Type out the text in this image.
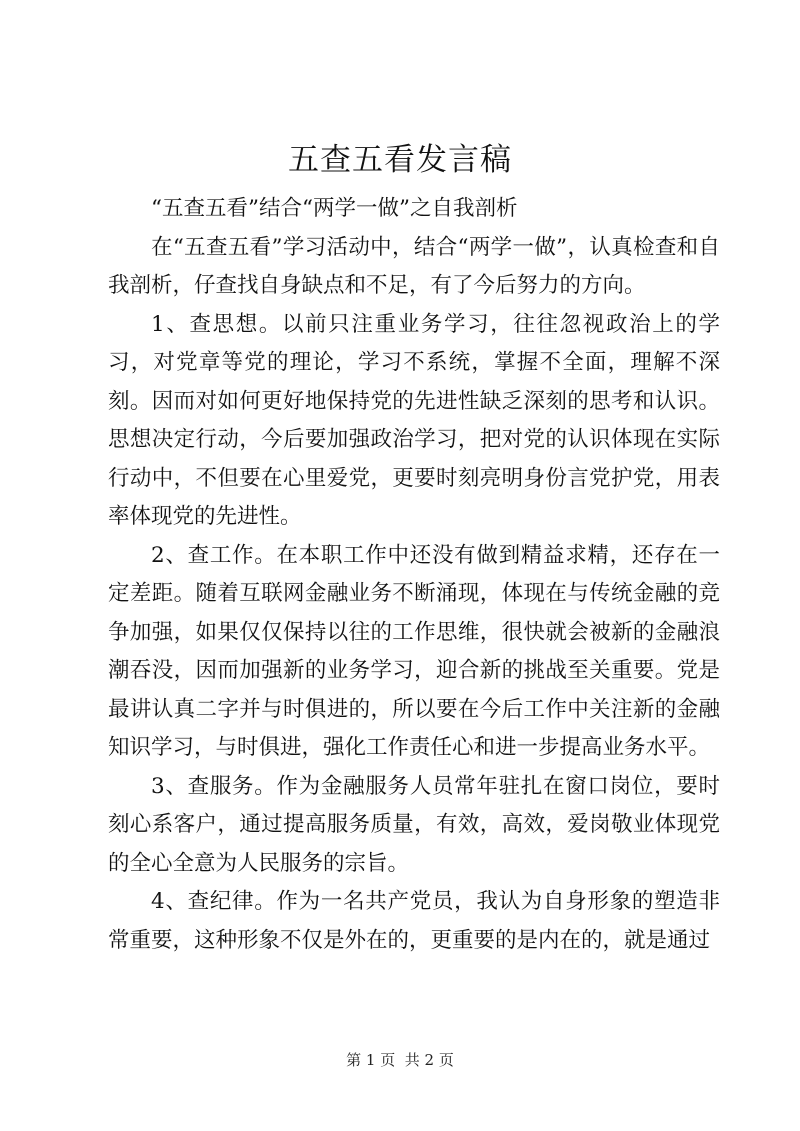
五查五看发言稿

“五查五看”结合“两学一做”之自我剖析

在“五查五看”学习活动中，结合“两学一做”，认真检查和自我剖析，仔查找自身缺点和不足，有了今后努力的方向。

1、查思想。以前只注重业务学习，往往忽视政治上的学习，对党章等党的理论，学习不系统，掌握不全面，理解不深刻。因而对如何更好地保持党的先进性缺乏深刻的思考和认识。思想决定行动，今后要加强政治学习，把对党的认识体现在实际行动中，不但要在心里爱党，更要时刻亮明身份言党护党，用表率体现党的先进性。

2、查工作。在本职工作中还没有做到精益求精，还存在一定差距。随着互联网金融业务不断涌现，体现在与传统金融的竞争加强，如果仅仅保持以往的工作思维，很快就会被新的金融浪潮吞没，因而加强新的业务学习，迎合新的挑战至关重要。党是最讲认真二字并与时俱进的，所以要在今后工作中关注新的金融知识学习，与时俱进，强化工作责任心和进一步提高业务水平。

3、查服务。作为金融服务人员常年驻扎在窗口岗位，要时刻心系客户，通过提高服务质量，有效，高效，爱岗敬业体现党的全心全意为人民服务的宗旨。

4、查纪律。作为一名共产党员，我认为自身形象的塑造非常重要，这种形象不仅是外在的，更重要的是内在的，就是通过

第 1 页 共 2 页
